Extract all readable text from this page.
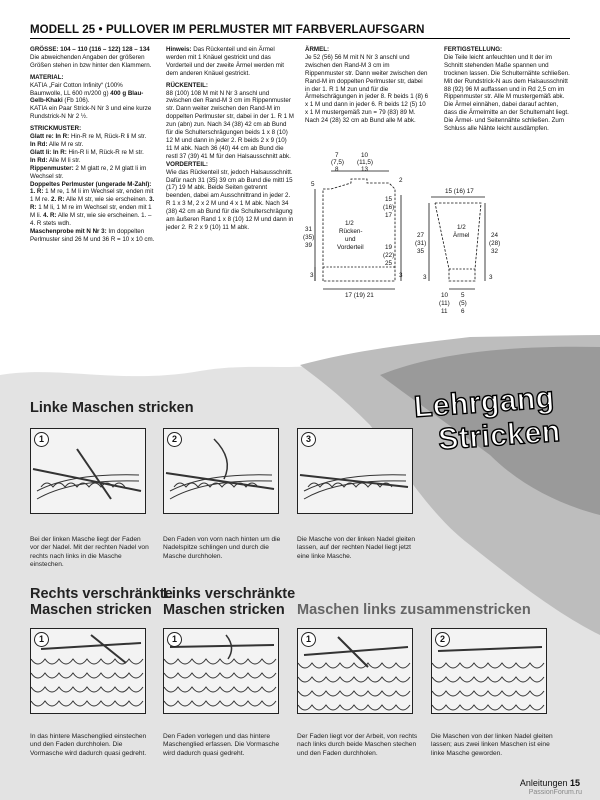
MODELL 25 • PULLOVER IM PERLMUSTER MIT FARBVERLAUFSGARN

GRÖSSE: 104 – 110 (116 – 122) 128 – 134
Die abweichenden Angaben der größeren Größen stehen in bzw hinter den Klammern.

MATERIAL:
KATIA „Fair Cotton Infinity“ (100% Baumwolle, LL 600 m/200 g) 400 g Blau-Gelb-Khaki (Fb 106).
KATIA ein Paar Strick-N Nr 3 und eine kurze Rundstrick-N Nr 2 ½.

STRICKMUSTER:
Glatt re: In R: Hin-R re M, Rück-R li M str.
In Rd: Alle M re str.
Glatt li: In R: Hin-R li M, Rück-R re M str.
In Rd: Alle M li str.
Rippenmuster: 2 M glatt re, 2 M glatt li im Wechsel str.
Doppeltes Perlmuster (ungerade M-Zahl): 1. R: 1 M re, 1 M li im Wechsel str, enden mit 1 M re. 2. R: Alle M str, wie sie erscheinen. 3. R: 1 M li, 1 M re im Wechsel str, enden mit 1 M li. 4. R: Alle M str, wie sie erscheinen. 1. – 4. R stets wdh.
Maschenprobe mit N Nr 3: Im doppelten Perlmuster sind 26 M und 36 R = 10 x 10 cm.

Hinweis: Das Rückenteil und ein Ärmel werden mit 1 Knäuel gestrickt und das Vorderteil und der zweite Ärmel werden mit dem anderen Knäuel gestrickt.

RÜCKENTEIL:
88 (100) 108 M mit N Nr 3 anschl und zwischen den Rand-M 3 cm im Rippenmuster str. Dann weiter zwischen den Rand-M im doppelten Perlmuster str, dabei in der 1. R 1 M zun (abn) zun. Nach 34 (38) 42 cm ab Bund für die Schulterschrägungen beids 1 x 8 (10) 12 M und dann in jeder 2. R beids 2 x 9 (10) 11 M abk. Nach 36 (40) 44 cm ab Bund die restl 37 (39) 41 M für den Halsausschnitt abk.
VORDERTEIL:
Wie das Rückenteil str, jedoch Halsausschnitt. Dafür nach 31 (35) 39 cm ab Bund die mittl 15 (17) 19 M abk. Beide Seiten getrennt beenden, dabei am Ausschnittrand in jeder 2. R 1 x 3 M, 2 x 2 M und 4 x 1 M abk. Nach 34 (38) 42 cm ab Bund für die Schulterschrägung am äußeren Rand 1 x 8 (10) 12 M und dann in jeder 2. R 2 x 9 (10) 11 M abk.

ÄRMEL:
Je 52 (56) 56 M mit N Nr 3 anschl und zwischen den Rand-M 3 cm im Rippenmuster str. Dann weiter zwischen den Rand-M im doppelten Perlmuster str, dabei in der 1. R 1 M zun und für die Ärmelschrägungen in jeder 8. R beids 1 (8) 6 x 1 M und dann in jeder 6. R beids 12 (5) 10 x 1 M mustergemäß zun = 79 (83) 89 M. Nach 24 (28) 32 cm ab Bund alle M abk.

FERTIGSTELLUNG:
Die Teile leicht anfeuchten und lt der im Schnitt stehenden Maße spannen und trocknen lassen. Die Schulternähte schließen. Mit der Rundstrick-N aus dem Halsausschnitt 88 (92) 96 M auffassen und in Rd 2,5 cm im Rippenmuster str. Alle M mustergemäß abk. Die Ärmel einnähen, dabei darauf achten, dass die Ärmelmitte an der Schulternaht liegt. Die Ärmel- und Seitennähte schließen. Zum Schluss alle Nähte leicht ausdämpfen.

7
(7,5)
8
10
(11,5)
13
5
2
31
(35)
39
1/2
Rücken-
und
Vorderteil
15
(16)
17
19
(22)
25
3	3
17 (19) 21
15 (16) 17
27
(31)
35
1/2
Ärmel	24
(28)
32
3	3
10
(11)
11
5
(5)
6
Lehrgang
Stricken
Linke Maschen stricken
1	2	3
Bei der linken Masche liegt der Faden vor der Nadel. Mit der rechten Nadel von rechts nach links in die Masche einstechen.
Den Faden von vorn nach hinten um die Nadelspitze schlingen und durch die Masche durchholen.
Die Masche von der linken Nadel gleiten lassen, auf der rechten Nadel liegt jetzt eine linke Masche.
Rechts verschränkte
Maschen stricken
Links verschränkte
Maschen stricken Maschen links zusammenstricken
1	1	1	2
In das hintere Maschenglied einstechen und den Faden durchholen. Die Vormasche wird dadurch quasi gedreht.
Den Faden vorlegen und das hintere Maschenglied erfassen. Die Vormasche wird dadurch quasi gedreht.
Der Faden liegt vor der Arbeit, von rechts nach links durch beide Maschen stechen und den Faden durchholen.
Die Maschen von der linken Nadel gleiten lassen; aus zwei linken Maschen ist eine linke Masche geworden.
Anleitungen 15
PassionForum.ru
